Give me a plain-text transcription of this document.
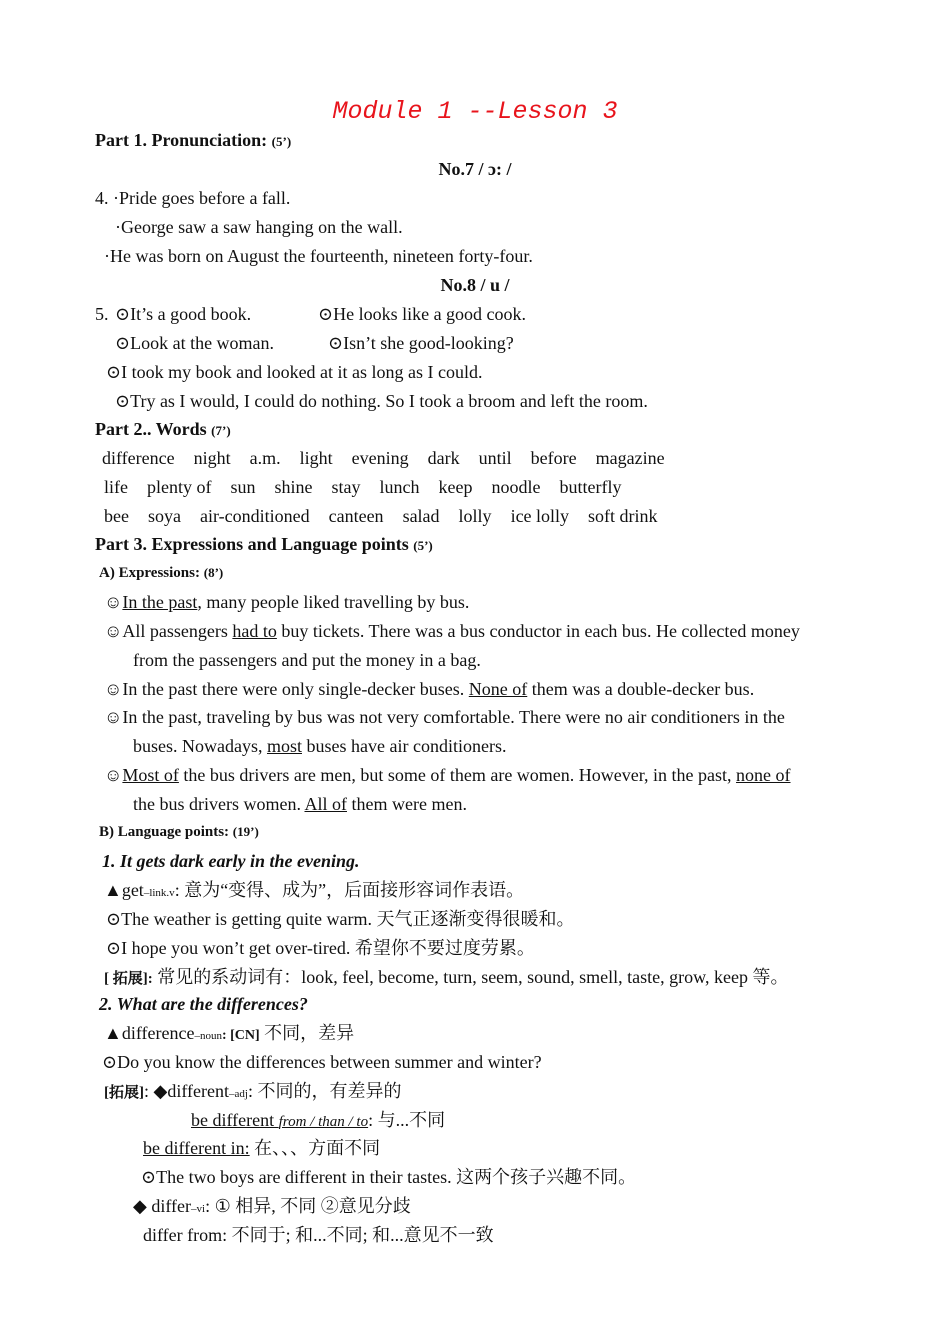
Module 1 --Lesson 3
Part 1. Pronunciation: (5’)
No.7 / ɔ: /
4. ·Pride goes before a fall.
·George saw a saw hanging on the wall.
·He was born on August the fourteenth, nineteen forty-four.
No.8 / u /
5. ⊙It’s a good book.	⊙He looks like a good cook.
⊙Look at the woman.	⊙Isn’t she good-looking?
⊙I took my book and looked at it as long as I could.
⊙Try as I would, I could do nothing. So I took a broom and left the room.
Part 2.. Words (7’)
difference night a.m. light evening dark until before magazine
life plenty of sun shine stay lunch keep noodle butterfly
bee soya air-conditioned canteen salad lolly ice lolly soft drink
Part 3. Expressions and Language points (5’)
A) Expressions: (8’)
☺In the past, many people liked travelling by bus.
☺All passengers had to buy tickets. There was a bus conductor in each bus. He collected money
from the passengers and put the money in a bag.
☺In the past there were only single-decker buses. None of them was a double-decker bus.
☺In the past, traveling by bus was not very comfortable. There were no air conditioners in the
buses. Nowadays, most buses have air conditioners.
☺Most of the bus drivers are men, but some of them are women. However, in the past, none of
the bus drivers women. All of them were men.
B) Language points: (19’)
1. It gets dark early in the evening.
▲get–link.v: 意为“变得、成为”，后面接形容词作表语。
⊙The weather is getting quite warm. 天气正逐渐变得很暖和。
⊙I hope you won’t get over-tired. 希望你不要过度劳累。
[ 拓展]: 常见的系动词有：look, feel, become, turn, seem, sound, smell, taste, grow, keep 等。
2. What are the differences?
▲difference–noun: [CN] 不同，差异
⊙Do you know the differences between summer and winter?
[拓展]: ◆different–adj: 不同的，有差异的
be different from / than / to: 与...不同
be different in: 在、、、方面不同
⊙The two boys are different in their tastes. 这两个孩子兴趣不同。
◆ differ–vi: ① 相异, 不同 ②意见分歧
differ from: 不同于; 和...不同; 和...意见不一致
